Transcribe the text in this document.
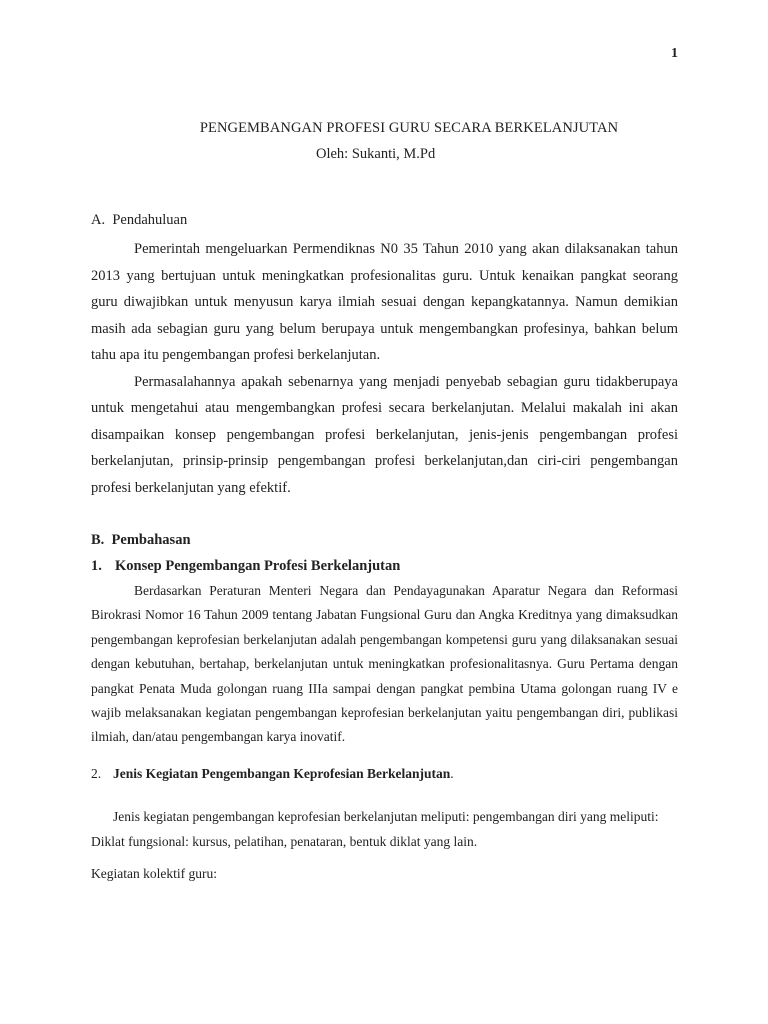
1
PENGEMBANGAN PROFESI GURU SECARA BERKELANJUTAN
Oleh: Sukanti, M.Pd
A.  Pendahuluan

Pemerintah mengeluarkan Permendiknas N0 35 Tahun 2010 yang akan dilaksanakan tahun 2013 yang bertujuan untuk meningkatkan profesionalitas guru. Untuk kenaikan pangkat seorang guru diwajibkan untuk menyusun karya ilmiah sesuai dengan kepangkatannya. Namun demikian masih ada sebagian guru yang belum berupaya untuk mengembangkan profesinya, bahkan belum tahu apa itu pengembangan profesi berkelanjutan.

Permasalahannya apakah sebenarnya yang menjadi penyebab sebagian guru tidakberupaya untuk mengetahui atau mengembangkan profesi secara berkelanjutan. Melalui makalah ini akan disampaikan konsep pengembangan profesi berkelanjutan, jenis-jenis pengembangan profesi berkelanjutan, prinsip-prinsip pengembangan profesi berkelanjutan,dan ciri-ciri pengembangan profesi berkelanjutan yang efektif.

B.  Pembahasan
1. Konsep Pengembangan Profesi Berkelanjutan

Berdasarkan Peraturan Menteri Negara dan Pendayagunakan Aparatur Negara dan Reformasi Birokrasi Nomor 16 Tahun 2009 tentang Jabatan Fungsional Guru dan Angka Kreditnya yang dimaksudkan pengembangan keprofesian berkelanjutan adalah pengembangan kompetensi guru yang dilaksanakan sesuai dengan kebutuhan, bertahap, berkelanjutan untuk meningkatkan profesionalitasnya. Guru Pertama dengan pangkat Penata Muda golongan ruang IIIa sampai dengan pangkat pembina Utama golongan ruang IV e wajib melaksanakan kegiatan pengembangan keprofesian berkelanjutan yaitu pengembangan diri, publikasi ilmiah, dan/atau pengembangan karya inovatif.

2. Jenis Kegiatan Pengembangan Keprofesian Berkelanjutan.
Jenis kegiatan pengembangan keprofesian berkelanjutan meliputi: pengembangan diri yang meliputi:
Diklat fungsional: kursus, pelatihan, penataran, bentuk diklat yang lain.
Kegiatan kolektif guru:
